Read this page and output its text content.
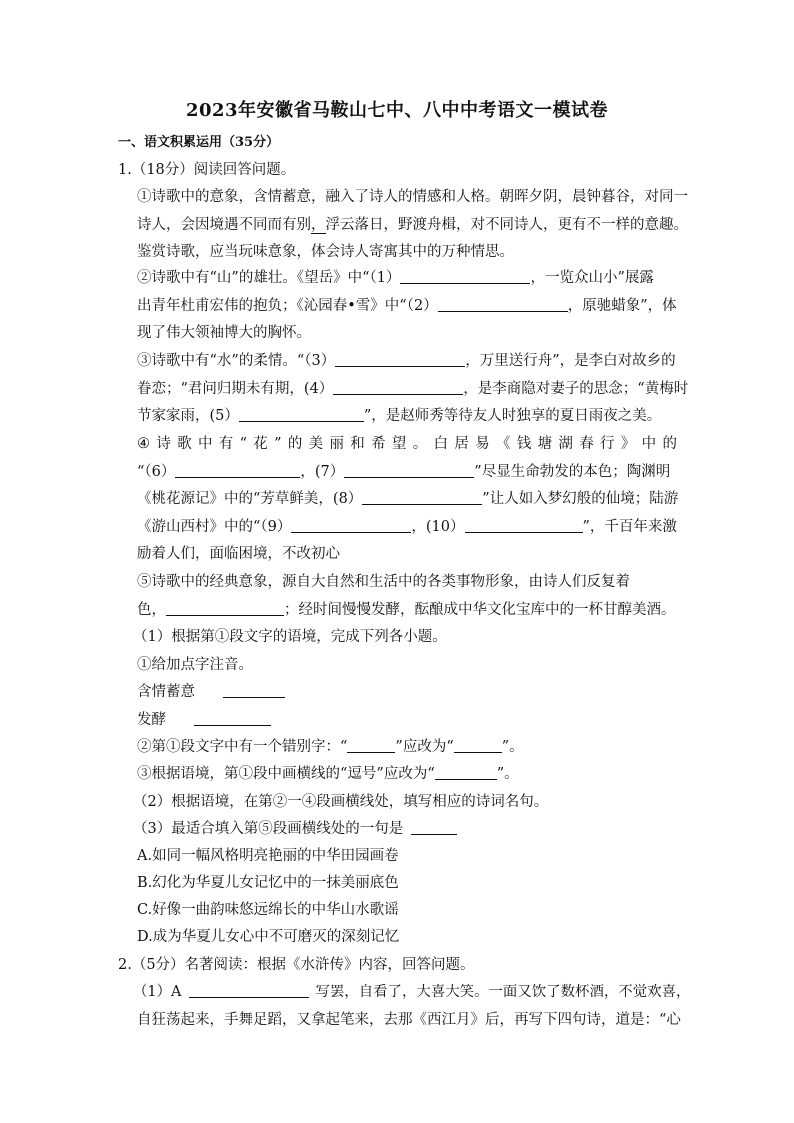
2023年安徽省马鞍山七中、八中中考语文一模试卷
一、语文积累运用（35分）
1.（18分）阅读回答问题。
①诗歌中的意象，含情蓄意，融入了诗人的情感和人格。朝晖夕阴，晨钟暮谷，对同一
诗人，会因境遇不同而有别，浮云落日，野渡舟楫，对不同诗人，更有不一样的意趣。
鉴赏诗歌，应当玩味意象，体会诗人寄寓其中的万种情思。
②诗歌中有“山”的雄壮。《望岳》中“（1）	，一览众山小”展露
出青年杜甫宏伟的抱负；《沁园春•雪》中“（2）	，原驰蜡象”，体
现了伟大领袖博大的胸怀。
③诗歌中有“水”的柔情。“（3）	，万里送行舟”，是李白对故乡的
眷恋；“君问归期未有期，(4）	，是李商隐对妻子的思念；“黄梅时
节家家雨，(5）	”，是赵师秀等待友人时独享的夏日雨夜之美。
④ 诗 歌 中 有 “ 花 ” 的 美 丽 和 希 望 。 白 居 易 《 钱 塘 湖 春 行 》 中 的
“（6）	，(7）	”尽显生命勃发的本色；陶渊明
《桃花源记》中的“芳草鲜美，(8）	”让人如入梦幻般的仙境；陆游
《游山西村》中的“（9）	，(10）	”，千百年来激
励着人们，面临困境，不改初心
⑤诗歌中的经典意象，源自大自然和生活中的各类事物形象，由诗人们反复着
色，	；经时间慢慢发酵，酝酿成中华文化宝库中的一杯甘醇美酒。
（1）根据第①段文字的语境，完成下列各小题。
①给加点字注音。
含情蓄意
发酵
②第①段文字中有一个错别字：“	”应改为“	”。
③根据语境，第①段中画横线的“逗号”应改为“	”。
（2）根据语境，在第②一④段画横线处，填写相应的诗词名句。
（3）最适合填入第⑤段画横线处的一句是
A.如同一幅风格明亮艳丽的中华田园画卷
B.幻化为华夏儿女记忆中的一抹美丽底色
C.好像一曲韵味悠远绵长的中华山水歌谣
D.成为华夏儿女心中不可磨灭的深刻记忆
2.（5分）名著阅读：根据《水浒传》内容，回答问题。
（1）A	写罢，自看了，大喜大笑。一面又饮了数杯酒，不觉欢喜，
自狂荡起来，手舞足蹈，又拿起笔来，去那《西江月》后，再写下四句诗，道是：“心
